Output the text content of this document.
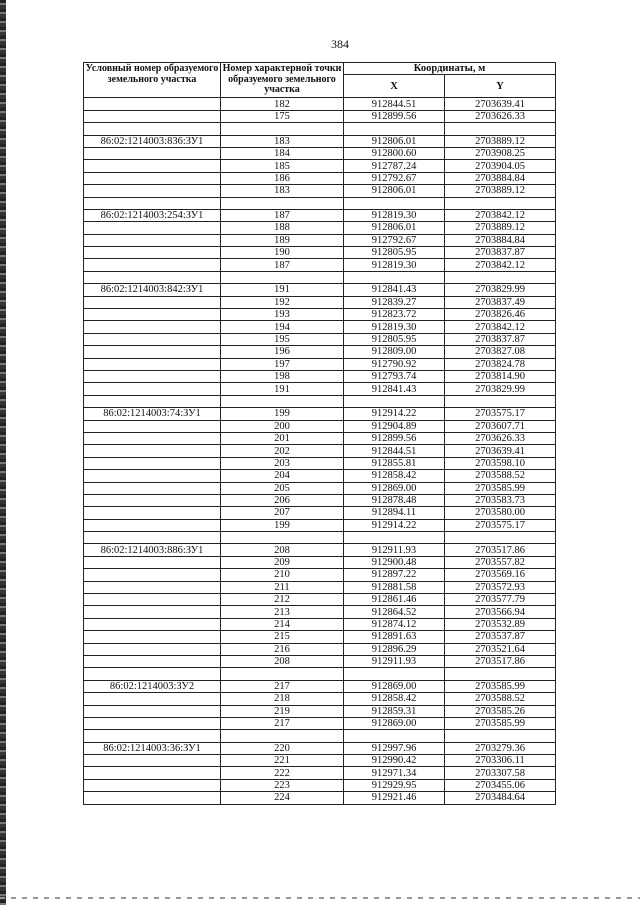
384
Условный номер образуемого земельного участка	Номер характерной точки образуемого земельного участка	Координаты, м	
		X	Y
	182	912844.51	2703639.41
	175	912899.56	2703626.33

86:02:1214003:836:ЗУ1	183	912806.01	2703889.12
	184	912800.60	2703908.25
	185	912787.24	2703904.05
	186	912792.67	2703884.84
	183	912806.01	2703889.12

86:02:1214003:254:ЗУ1	187	912819.30	2703842.12
	188	912806.01	2703889.12
	189	912792.67	2703884.84
	190	912805.95	2703837.87
	187	912819.30	2703842.12

86:02:1214003:842:ЗУ1	191	912841.43	2703829.99
	192	912839.27	2703837.49
	193	912823.72	2703826.46
	194	912819.30	2703842.12
	195	912805.95	2703837.87
	196	912809.00	2703827.08
	197	912790.92	2703824.78
	198	912793.74	2703814.90
	191	912841.43	2703829.99

86:02:1214003:74:ЗУ1	199	912914.22	2703575.17
	200	912904.89	2703607.71
	201	912899.56	2703626.33
	202	912844.51	2703639.41
	203	912855.81	2703598.10
	204	912858.42	2703588.52
	205	912869.00	2703585.99
	206	912878.48	2703583.73
	207	912894.11	2703580.00
	199	912914.22	2703575.17

86:02:1214003:886:ЗУ1	208	912911.93	2703517.86
	209	912900.48	2703557.82
	210	912897.22	2703569.16
	211	912881.58	2703572.93
	212	912861.46	2703577.79
	213	912864.52	2703566.94
	214	912874.12	2703532.89
	215	912891.63	2703537.87
	216	912896.29	2703521.64
	208	912911.93	2703517.86

86:02:1214003:ЗУ2	217	912869.00	2703585.99
	218	912858.42	2703588.52
	219	912859.31	2703585.26
	217	912869.00	2703585.99

86:02:1214003:36:ЗУ1	220	912997.96	2703279.36
	221	912990.42	2703306.11
	222	912971.34	2703307.58
	223	912929.95	2703455.06
	224	912921.46	2703484.64
